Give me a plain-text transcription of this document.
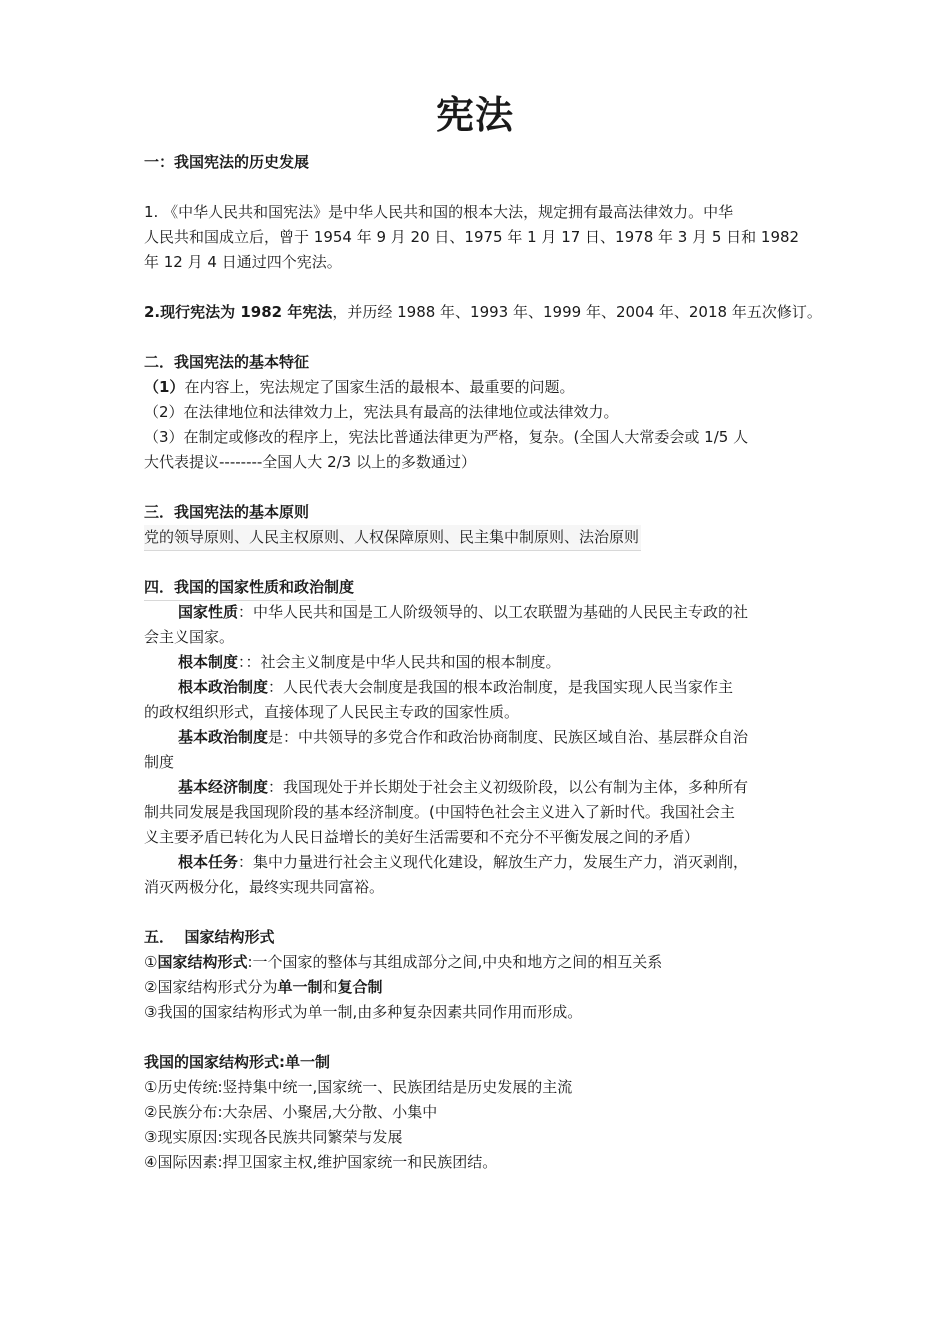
宪法
一：我国宪法的历史发展
1. 《中华人民共和国宪法》是中华人民共和国的根本大法，规定拥有最高法律效力。中华
人民共和国成立后，曾于 1954 年 9 月 20 日、1975 年 1 月 17 日、1978 年 3 月 5 日和 1982
年 12 月 4 日通过四个宪法。
2.现行宪法为 1982 年宪法，并历经 1988 年、1993 年、1999 年、2004 年、2018 年五次修订。
二．我国宪法的基本特征
（1）在内容上，宪法规定了国家生活的最根本、最重要的问题。
（2）在法律地位和法律效力上，宪法具有最高的法律地位或法律效力。
（3）在制定或修改的程序上，宪法比普通法律更为严格，复杂。(全国人大常委会或 1/5 人
大代表提议--------全国人大 2/3 以上的多数通过）
三．我国宪法的基本原则
党的领导原则、人民主权原则、人权保障原则、民主集中制原则、法治原则
四．我国的国家性质和政治制度
国家性质：中华人民共和国是工人阶级领导的、以工农联盟为基础的人民民主专政的社
会主义国家。
根本制度：：社会主义制度是中华人民共和国的根本制度。
根本政治制度：人民代表大会制度是我国的根本政治制度，是我国实现人民当家作主
的政权组织形式，直接体现了人民民主专政的国家性质。
基本政治制度是：中共领导的多党合作和政治协商制度、民族区域自治、基层群众自治
制度
基本经济制度：我国现处于并长期处于社会主义初级阶段，以公有制为主体，多种所有
制共同发展是我国现阶段的基本经济制度。(中国特色社会主义进入了新时代。我国社会主
义主要矛盾已转化为人民日益增长的美好生活需要和不充分不平衡发展之间的矛盾）
根本任务：集中力量进行社会主义现代化建设，解放生产力，发展生产力，消灭剥削，
消灭两极分化，最终实现共同富裕。
五．  国家结构形式
①国家结构形式:一个国家的整体与其组成部分之间,中央和地方之间的相互关系
②国家结构形式分为单一制和复合制
③我国的国家结构形式为单一制,由多种复杂因素共同作用而形成。
我国的国家结构形式:单一制
①历史传统:竖持集中统一,国家统一、民族团结是历史发展的主流
②民族分布:大杂居、小聚居,大分散、小集中
③现实原因:实现各民族共同繁荣与发展
④国际因素:捍卫国家主权,维护国家统一和民族团结。
